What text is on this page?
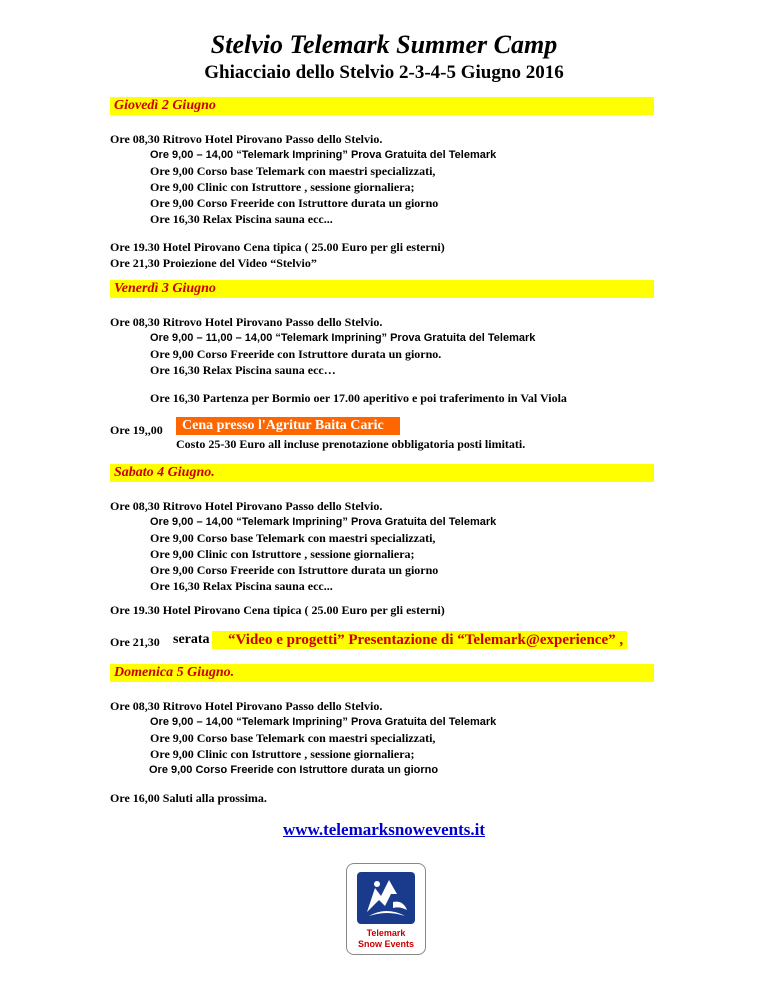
Stelvio Telemark Summer Camp
Ghiacciaio dello Stelvio 2-3-4-5 Giugno 2016
Giovedì 2 Giugno
Ore 08,30 Ritrovo Hotel Pirovano Passo dello Stelvio.
Ore 9,00 – 14,00 “Telemark Imprining” Prova Gratuita del Telemark
Ore 9,00 Corso base Telemark con maestri specializzati,
Ore 9,00 Clinic con Istruttore , sessione giornaliera;
Ore 9,00 Corso Freeride con Istruttore durata un giorno
Ore 16,30 Relax Piscina sauna ecc...
Ore 19.30 Hotel Pirovano Cena tipica ( 25.00 Euro per gli esterni)
Ore 21,30 Proiezione del Video “Stelvio”
Venerdì 3 Giugno
Ore 08,30 Ritrovo Hotel Pirovano Passo dello Stelvio.
Ore 9,00 – 11,00 – 14,00 “Telemark Imprining” Prova Gratuita del Telemark
Ore 9,00 Corso Freeride con Istruttore durata un giorno.
Ore 16,30 Relax Piscina sauna ecc…
Ore 16,30 Partenza per Bormio oer 17.00 aperitivo e poi traferimento in Val Viola
Ore 19,,00	Cena presso l'Agritur Baita Caric
Costo 25-30 Euro all incluse prenotazione obbligatoria posti limitati.
Sabato 4 Giugno.
Ore 08,30 Ritrovo Hotel Pirovano Passo dello Stelvio.
Ore 9,00 – 14,00 “Telemark Imprining” Prova Gratuita del Telemark
Ore 9,00 Corso base Telemark con maestri specializzati,
Ore 9,00 Clinic con Istruttore , sessione giornaliera;
Ore 9,00 Corso Freeride con Istruttore durata un giorno
Ore 16,30 Relax Piscina sauna ecc...
Ore 19.30 Hotel Pirovano Cena tipica ( 25.00 Euro per gli esterni)
Ore 21,30 serata	“Video e progetti” Presentazione di “Telemark@experience” ,
Domenica 5 Giugno.
Ore 08,30 Ritrovo Hotel Pirovano Passo dello Stelvio.
Ore 9,00 – 14,00 “Telemark Imprining” Prova Gratuita del Telemark
Ore 9,00 Corso base Telemark con maestri specializzati,
Ore 9,00 Clinic con Istruttore , sessione giornaliera;
Ore 9,00 Corso Freeride con Istruttore durata un giorno
Ore 16,00 Saluti alla prossima.
www.telemarksnowevents.it
Telemark
Snow Events
